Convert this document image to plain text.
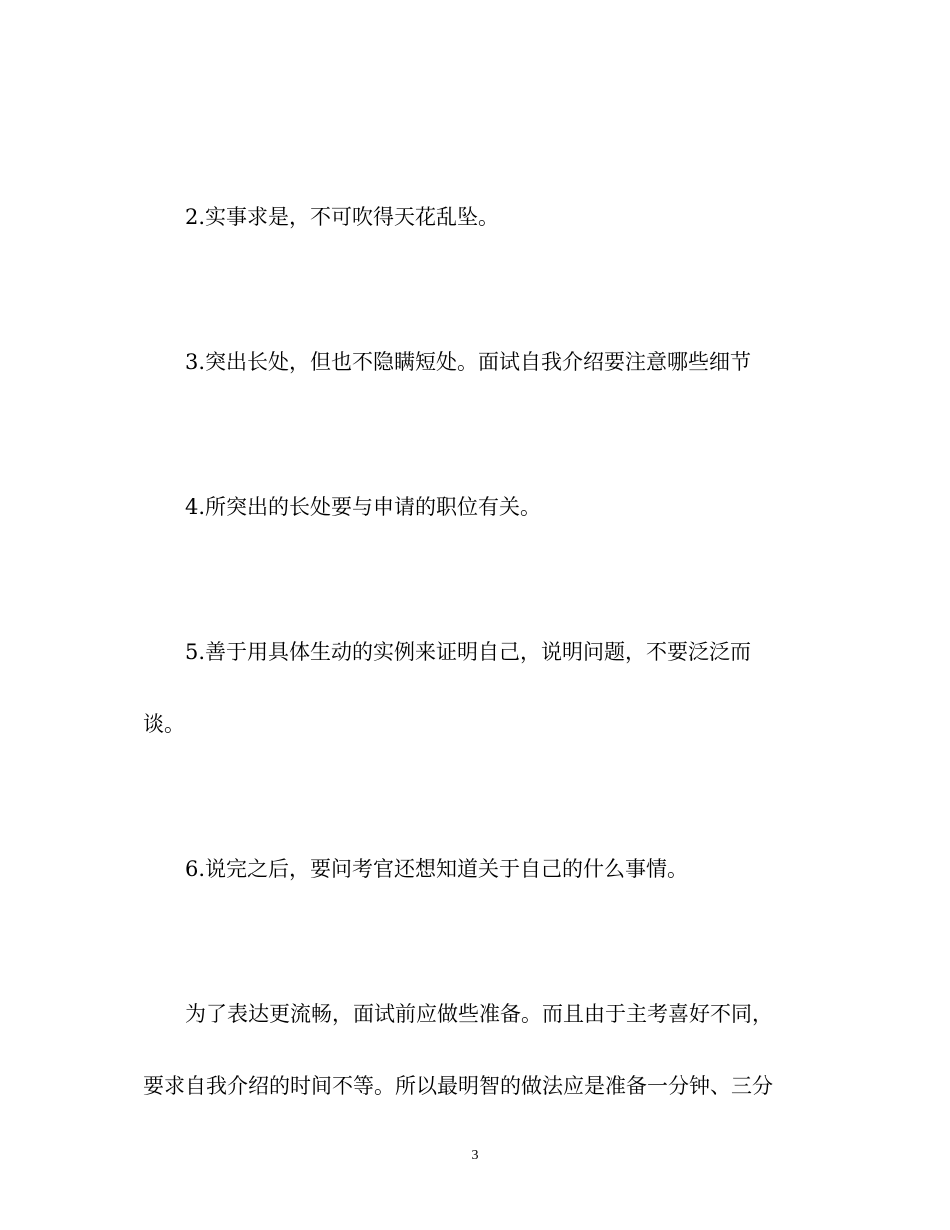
2.实事求是，不可吹得天花乱坠。
3.突出长处，但也不隐瞒短处。面试自我介绍要注意哪些细节
4.所突出的长处要与申请的职位有关。
5.善于用具体生动的实例来证明自己，说明问题，不要泛泛而
谈。
6.说完之后，要问考官还想知道关于自己的什么事情。
为了表达更流畅，面试前应做些准备。而且由于主考喜好不同，
要求自我介绍的时间不等。所以最明智的做法应是准备一分钟、三分
3
